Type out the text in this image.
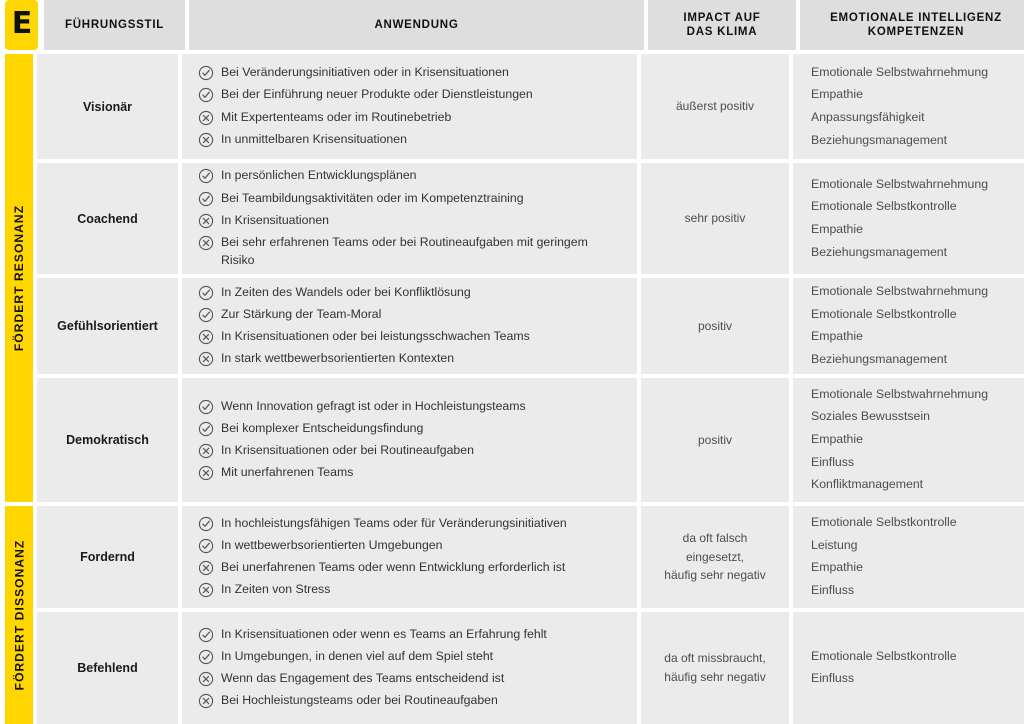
E	FÜHRUNGSSTIL	ANWENDUNG
IMPACT AUF
DAS KLIMA
EMOTIONALE INTELLIGENZ
KOMPETENZEN
FÖRDERT RESONANZ
FÖRDERT DISSONANZ
Visionär
Bei Veränderungsinitiativen oder in Krisensituationen
Bei der Einführung neuer Produkte oder Dienstleistungen
Mit Expertenteams oder im Routinebetrieb
In unmittelbaren Krisensituationen
äußerst positiv
Emotionale Selbstwahrnehmung
Empathie
Anpassungsfähigkeit
Beziehungsmanagement
Coachend
In persönlichen Entwicklungsplänen
Bei Teambildungsaktivitäten oder im Kompetenztraining
In Krisensituationen
Bei sehr erfahrenen Teams oder bei Routineaufgaben mit geringem Risiko
sehr positiv
Emotionale Selbstwahrnehmung
Emotionale Selbstkontrolle
Empathie
Beziehungsmanagement
Gefühlsorientiert
In Zeiten des Wandels oder bei Konfliktlösung
Zur Stärkung der Team-Moral
In Krisensituationen oder bei leistungsschwachen Teams
In stark wettbewerbsorientierten Kontexten
positiv
Emotionale Selbstwahrnehmung
Emotionale Selbstkontrolle
Empathie
Beziehungsmanagement
Demokratisch
Wenn Innovation gefragt ist oder in Hochleistungsteams
Bei komplexer Entscheidungsfindung
In Krisensituationen oder bei Routineaufgaben
Mit unerfahrenen Teams
positiv
Emotionale Selbstwahrnehmung
Soziales Bewusstsein
Empathie
Einfluss
Konfliktmanagement
Fordernd
In hochleistungsfähigen Teams oder für Veränderungsinitiativen
In wettbewerbsorientierten Umgebungen
Bei unerfahrenen Teams oder wenn Entwicklung erforderlich ist
In Zeiten von Stress
da oft falsch
eingesetzt,
häufig sehr negativ
Emotionale Selbstkontrolle
Leistung
Empathie
Einfluss
Befehlend
In Krisensituationen oder wenn es Teams an Erfahrung fehlt
In Umgebungen, in denen viel auf dem Spiel steht
Wenn das Engagement des Teams entscheidend ist
Bei Hochleistungsteams oder bei Routineaufgaben
da oft missbraucht,
häufig sehr negativ
Emotionale Selbstkontrolle
Einfluss
